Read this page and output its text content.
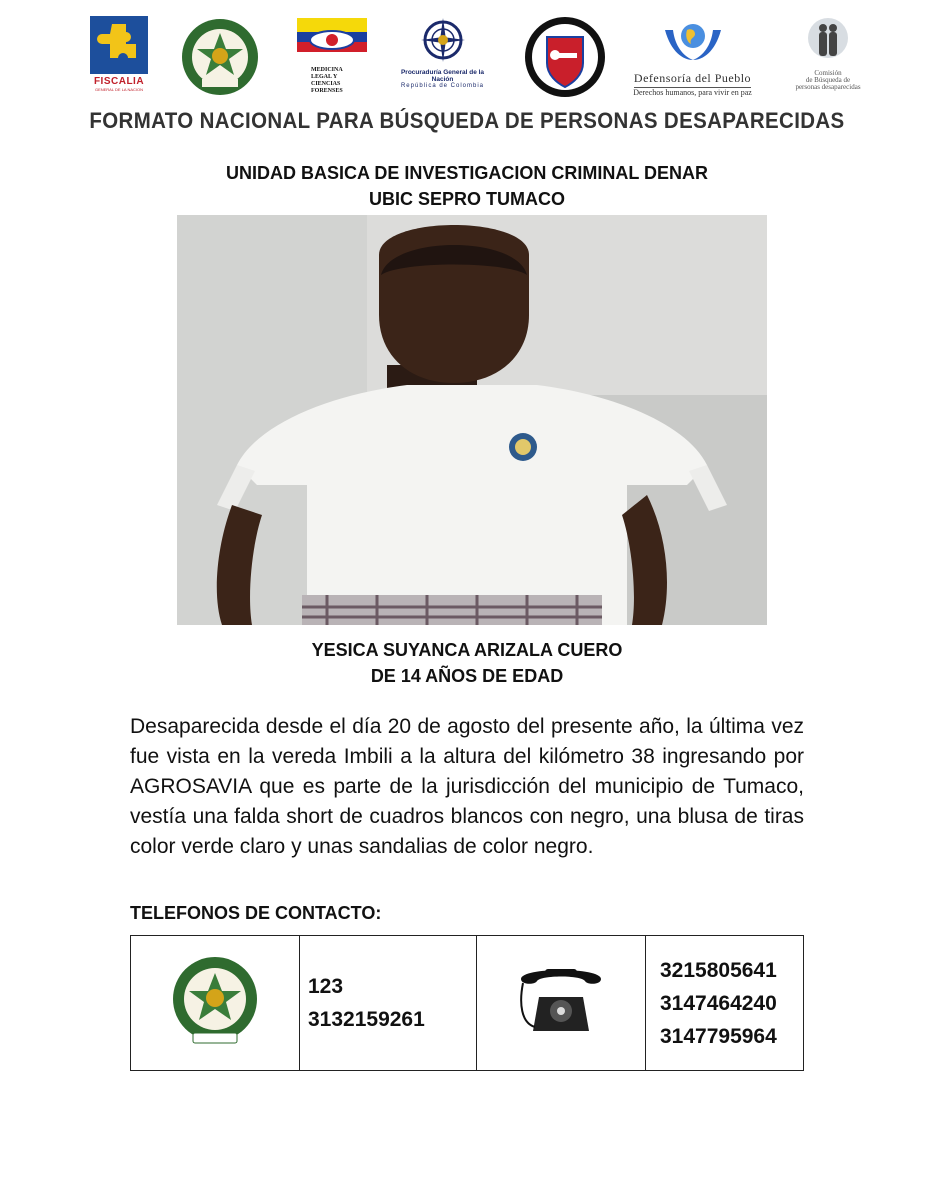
FISCALIA
GENERAL DE LA NACION
MEDICINA
LEGAL Y
CIENCIAS
FORENSES
Procuraduría General de la Nación
República de Colombia
Defensoría del Pueblo
Derechos humanos, para vivir en paz
Comisión
de Búsqueda de
personas desaparecidas
FORMATO NACIONAL PARA BÚSQUEDA DE PERSONAS DESAPARECIDAS
UNIDAD BASICA DE INVESTIGACION CRIMINAL DENAR
UBIC SEPRO TUMACO
YESICA SUYANCA ARIZALA CUERO
DE 14 AÑOS DE EDAD
Desaparecida desde el día 20 de agosto del presente año, la última vez fue vista en la vereda Imbili a la altura del kilómetro 38 ingresando por AGROSAVIA que es parte de la jurisdicción del municipio de Tumaco, vestía una falda short de cuadros blancos con negro, una blusa de tiras color verde claro y unas sandalias de color negro.
TELEFONOS DE CONTACTO:

123
3132159261

3215805641
3147464240
3147795964
